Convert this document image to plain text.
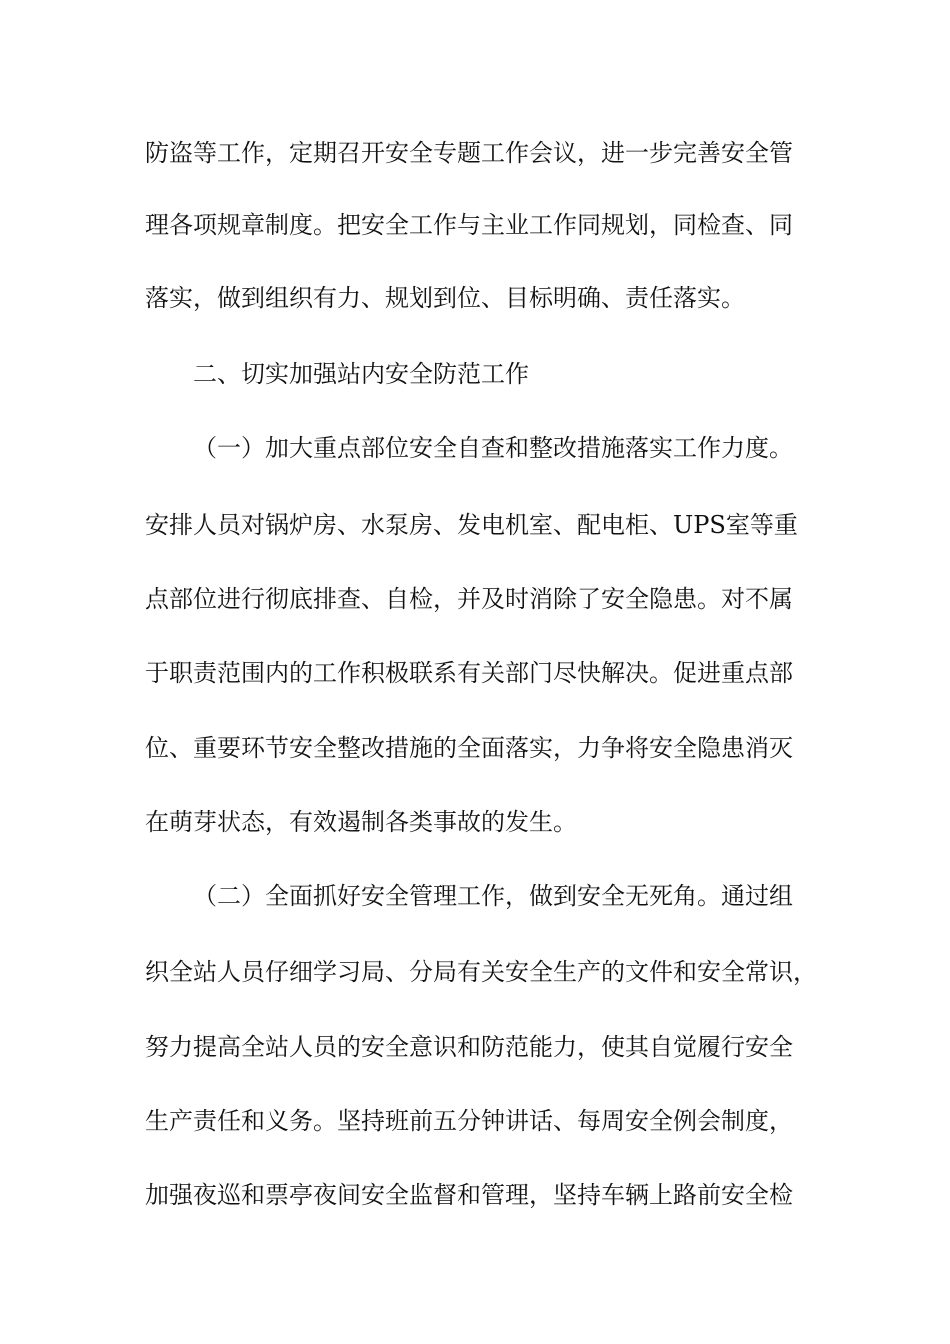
防盗等工作，定期召开安全专题工作会议，进一步完善安全管
理各项规章制度。把安全工作与主业工作同规划，同检查、同
落实，做到组织有力、规划到位、目标明确、责任落实。
二、切实加强站内安全防范工作
（一）加大重点部位安全自查和整改措施落实工作力度。
安排人员对锅炉房、水泵房、发电机室、配电柜、UPS室等重
点部位进行彻底排查、自检，并及时消除了安全隐患。对不属
于职责范围内的工作积极联系有关部门尽快解决。促进重点部
位、重要环节安全整改措施的全面落实，力争将安全隐患消灭
在萌芽状态，有效遏制各类事故的发生。
（二）全面抓好安全管理工作，做到安全无死角。通过组
织全站人员仔细学习局、分局有关安全生产的文件和安全常识，
努力提高全站人员的安全意识和防范能力，使其自觉履行安全
生产责任和义务。坚持班前五分钟讲话、每周安全例会制度，
加强夜巡和票亭夜间安全监督和管理，坚持车辆上路前安全检
